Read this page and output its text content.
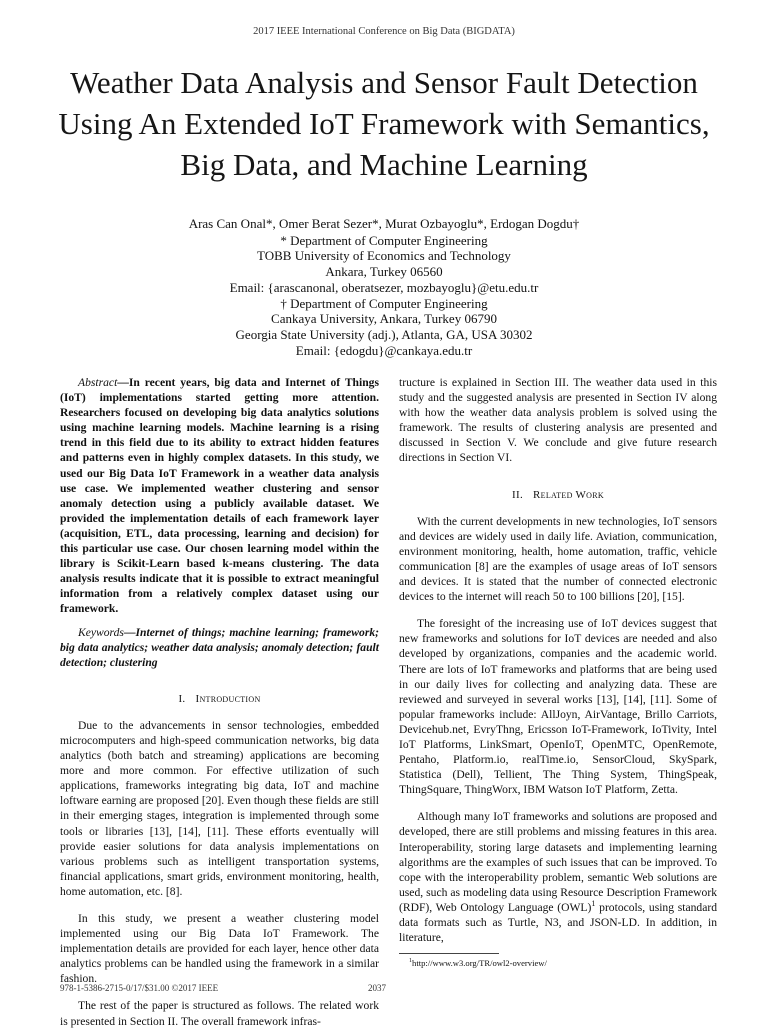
2017 IEEE International Conference on Big Data (BIGDATA)
Weather Data Analysis and Sensor Fault Detection
Using An Extended IoT Framework with Semantics,
Big Data, and Machine Learning
Aras Can Onal*, Omer Berat Sezer*, Murat Ozbayoglu*, Erdogan Dogdu†
* Department of Computer Engineering
TOBB University of Economics and Technology
Ankara, Turkey 06560
Email: {arascanonal, oberatsezer, mozbayoglu}@etu.edu.tr
† Department of Computer Engineering
Cankaya University, Ankara, Turkey 06790
Georgia State University (adj.), Atlanta, GA, USA 30302
Email: {edogdu}@cankaya.edu.tr

Abstract—In recent years, big data and Internet of Things (IoT) implementations started getting more attention. Researchers focused on developing big data analytics solutions using machine learning models. Machine learning is a rising trend in this field due to its ability to extract hidden features and patterns even in highly complex datasets. In this study, we used our Big Data IoT Framework in a weather data analysis use case. We implemented weather clustering and sensor anomaly detection using a publicly available dataset. We provided the implementation details of each framework layer (acquisition, ETL, data processing, learning and decision) for this particular use case. Our chosen learning model within the library is Scikit-Learn based k-means clustering. The data analysis results indicate that it is possible to extract meaningful information from a relatively complex dataset using our framework.

Keywords—Internet of things; machine learning; framework; big data analytics; weather data analysis; anomaly detection; fault detection; clustering

I. Introduction

Due to the advancements in sensor technologies, embedded microcomputers and high-speed communication networks, big data analytics (both batch and streaming) applications are becoming more and more common. For effective utilization of such applications, frameworks integrating big data, IoT and machine loftware earning are proposed [20]. Even though these fields are still in their emerging stages, integration is implemented through some tools or libraries [13], [14], [11]. These efforts eventually will provide easier solutions for data analysis implementations on various problems such as intelligent transportation systems, financial applications, smart grids, environment monitoring, health, home automation, etc. [8].

In this study, we present a weather clustering model implemented using our Big Data IoT Framework. The implementation details are provided for each layer, hence other data analytics problems can be handled using the framework in a similar fashion.

The rest of the paper is structured as follows. The related work is presented in Section II. The overall framework infras-

tructure is explained in Section III. The weather data used in this study and the suggested analysis are presented in Section IV along with how the weather data analysis problem is solved using the framework. The results of clustering analysis are presented and discussed in Section V. We conclude and give future research directions in Section VI.

II. Related Work

With the current developments in new technologies, IoT sensors and devices are widely used in daily life. Aviation, communication, environment monitoring, health, home automation, traffic, vehicle communication [8] are the examples of usage areas of IoT sensors and devices. It is stated that the number of connected electronic devices to the internet will reach 50 to 100 billions [20], [15].

The foresight of the increasing use of IoT devices suggest that new frameworks and solutions for IoT devices are needed and also developed by organizations, companies and the academic world. There are lots of IoT frameworks and platforms that are being used in our daily lives for collecting and analyzing data. These are reviewed and surveyed in several works [13], [14], [11]. Some of popular frameworks include: AllJoyn, AirVantage, Brillo Carriots, Devicehub.net, EvryThng, Ericsson IoT-Framework, IoTivity, Intel IoT Platforms, LinkSmart, OpenIoT, OpenMTC, OpenRemote, Pentaho, Platform.io, realTime.io, SensorCloud, SkySpark, Statistica (Dell), Tellient, The Thing System, ThingSpeak, ThingSquare, ThingWorx, IBM Watson IoT Platform, Zetta.

Although many IoT frameworks and solutions are proposed and developed, there are still problems and missing features in this area. Interoperability, storing large datasets and implementing learning algorithms are the examples of such issues that can be improved. To cope with the interoperability problem, semantic Web solutions are used, such as modeling data using Resource Description Framework (RDF), Web Ontology Language (OWL)$^1$ protocols, using standard data formats such as Turtle, N3, and JSON-LD. In addition, in literature,

$^1$http://www.w3.org/TR/owl2-overview/
978-1-5386-2715-0/17/$31.00 ©2017 IEEE	2037
